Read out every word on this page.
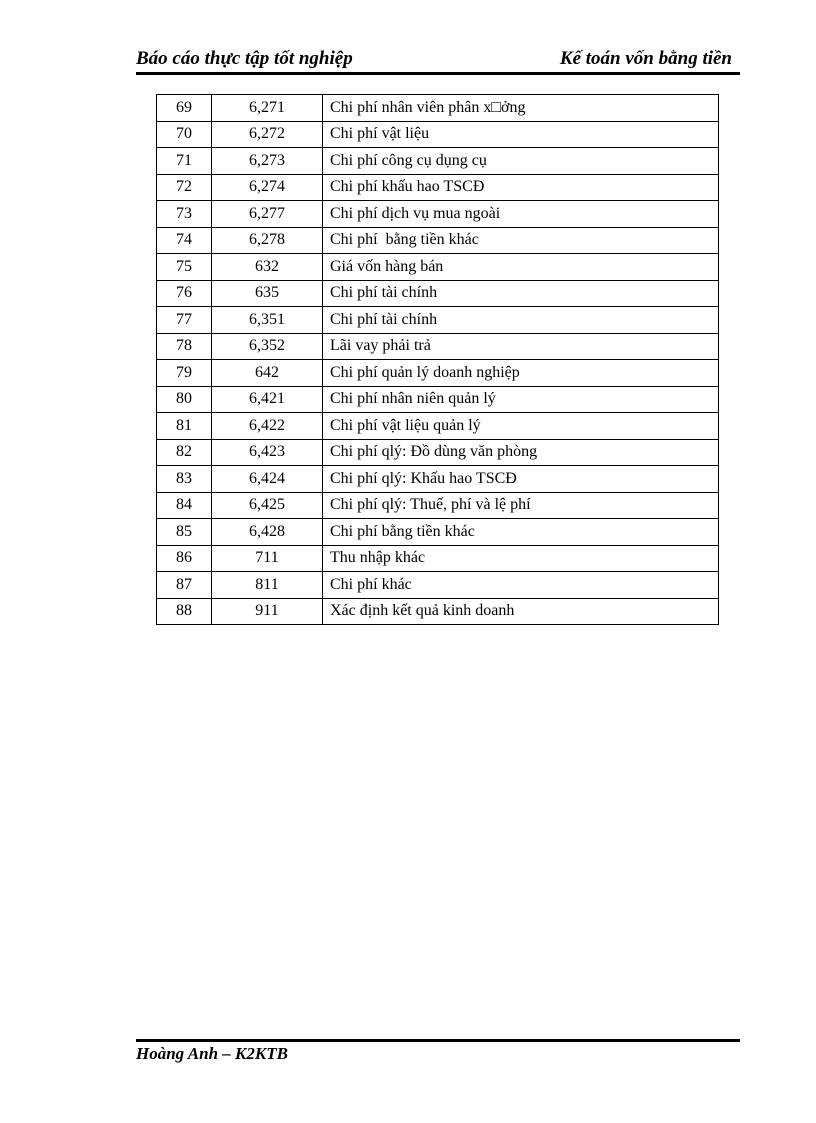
Báo cáo thực tập tốt nghiệp	Kế toán vốn bằng tiền
69	6,271	Chi phí nhân viên phân x□ởng
70	6,272	Chi phí vật liệu
71	6,273	Chi phí công cụ dụng cụ
72	6,274	Chi phí khấu hao TSCĐ
73	6,277	Chi phí dịch vụ mua ngoài
74	6,278	Chi phí  bằng tiền khác
75	632	Giá vốn hàng bán
76	635	Chi phí tài chính
77	6,351	Chi phí tài chính
78	6,352	Lãi vay phải trả
79	642	Chi phí quản lý doanh nghiệp
80	6,421	Chi phí nhân niên quản lý
81	6,422	Chi phí vật liệu quản lý
82	6,423	Chi phí qlý: Đồ dùng văn phòng
83	6,424	Chi phí qlý: Khấu hao TSCĐ
84	6,425	Chi phí qlý: Thuế, phí và lệ phí
85	6,428	Chi phí bằng tiền khác
86	711	Thu nhập khác
87	811	Chi phí khác
88	911	Xác định kết quả kinh doanh
Hoàng Anh – K2KTB
